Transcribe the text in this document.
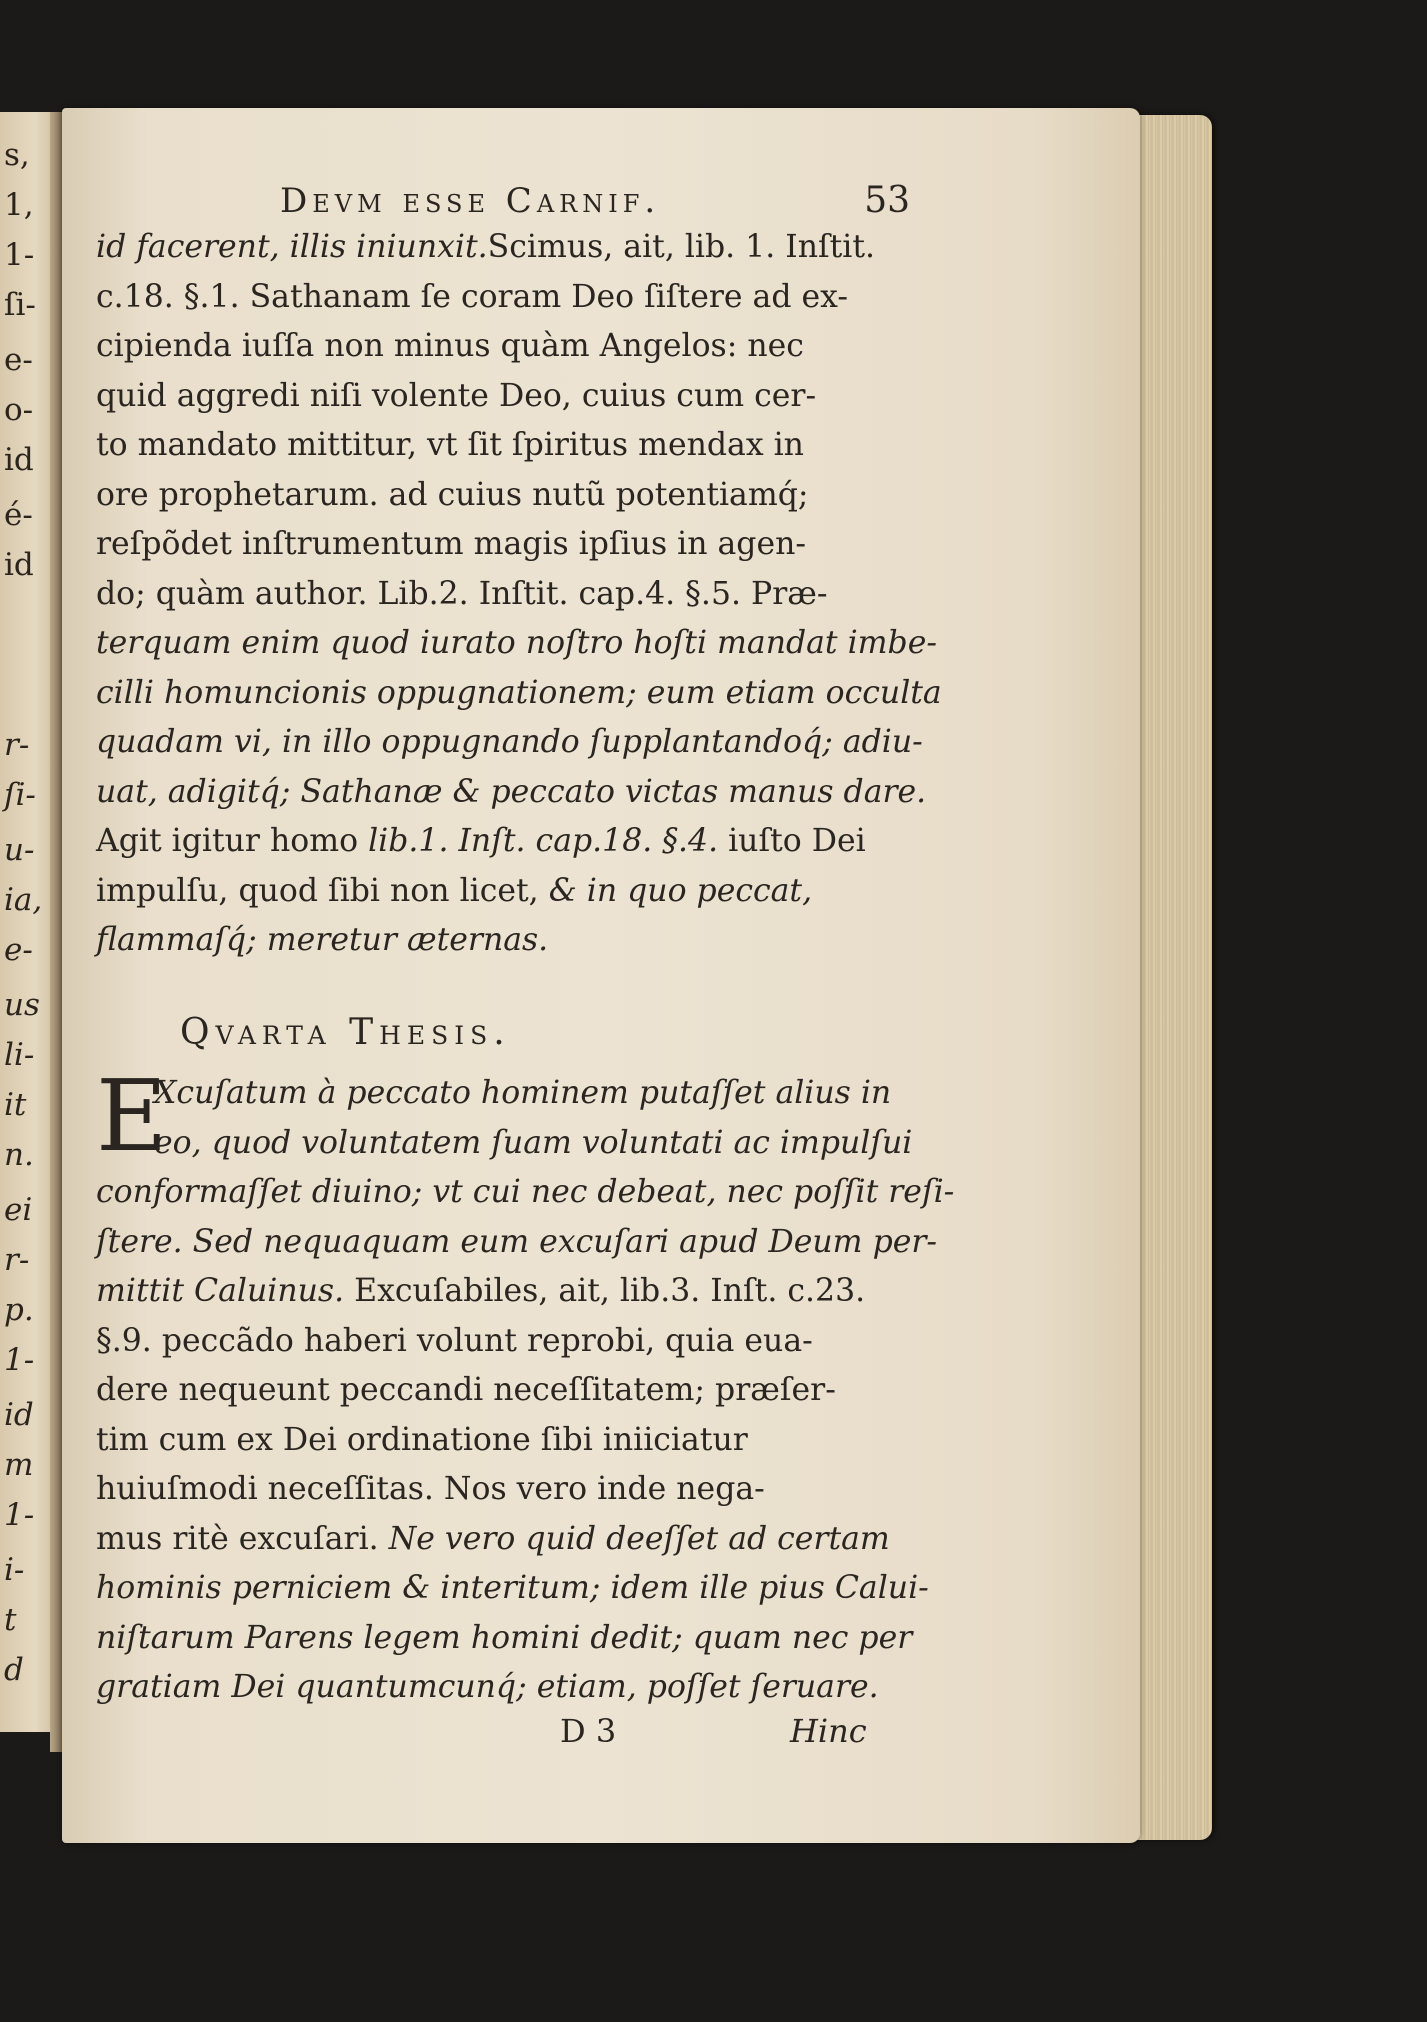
s,
1,
1-
ſi-
e-
o-
id
é-
id
r-
ſi-
u-
ia,
e-
us
li-
it
n.
ei
r-
p.
1-
id
m
1-
i-
t
d
Devm esse Carnif.	53
id facerent, illis iniunxit.Scimus, ait, lib. 1. Inſtit.
c.18. §.1. Sathanam ſe coram Deo ſiſtere ad ex-
cipienda iuſſa non minus quàm Angelos: nec
quid aggredi niſi volente Deo, cuius cum cer-
to mandato mittitur, vt ſit ſpiritus mendax in
ore prophetarum. ad cuius nutũ potentiamq́;
reſpõdet inſtrumentum magis ipſius in agen-
do; quàm author. Lib.2. Inſtit. cap.4. §.5. Præ-
terquam enim quod iurato noſtro hoſti mandat imbe-
cilli homuncionis oppugnationem; eum etiam occulta
quadam vi, in illo oppugnando ſupplantandoq́; adiu-
uat, adigitq́; Sathanæ & peccato victas manus dare.
Agit igitur homo lib.1. Inſt. cap.18. §.4. iuſto Dei
impulſu, quod ſibi non licet, & in quo peccat,
flammaſq́; meretur æternas.
Qvarta Thesis.
E
Xcuſatum à peccato hominem putaſſet alius in
eo, quod voluntatem ſuam voluntati ac impulſui
conformaſſet diuino; vt cui nec debeat, nec poſſit reſi-
ſtere. Sed nequaquam eum excuſari apud Deum per-
mittit Caluinus. Excuſabiles, ait, lib.3. Inſt. c.23.
§.9. peccãdo haberi volunt reprobi, quia eua-
dere nequeunt peccandi neceſſitatem; præſer-
tim cum ex Dei ordinatione ſibi iniiciatur
huiuſmodi neceſſitas. Nos vero inde nega-
mus ritè excuſari. Ne vero quid deeſſet ad certam
hominis perniciem & interitum; idem ille pius Calui-
niſtarum Parens legem homini dedit; quam nec per
gratiam Dei quantumcunq́; etiam, poſſet ſeruare.
D 3	Hinc
